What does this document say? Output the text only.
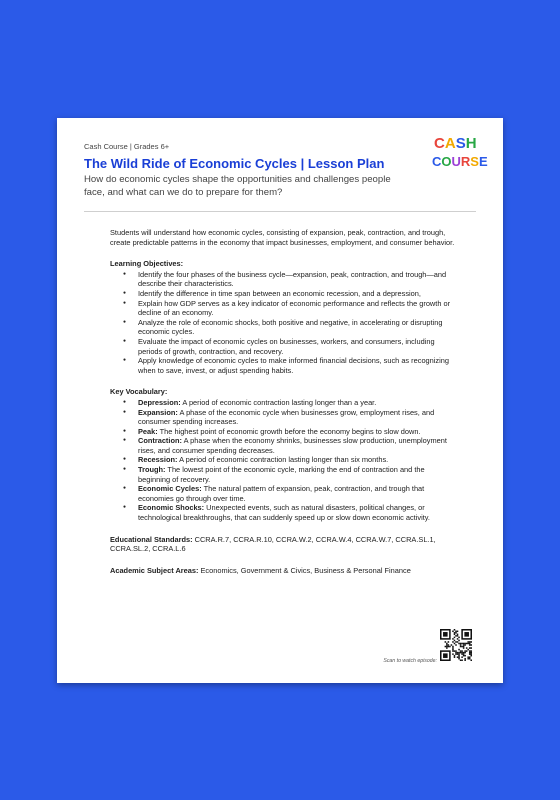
Cash Course | Grades 6+
The Wild Ride of Economic Cycles | Lesson Plan
How do economic cycles shape the opportunities and challenges people face, and what can we do to prepare for them?
CASH
COURSE

Students will understand how economic cycles, consisting of expansion, peak, contraction, and trough, create predictable patterns in the economy that impact businesses, employment, and consumer behavior.

Learning Objectives:

● Identify the four phases of the business cycle—expansion, peak, contraction, and trough—and describe their characteristics.
● Identify the difference in time span between an economic recession, and a depression,
● Explain how GDP serves as a key indicator of economic performance and reflects the growth or decline of an economy.
● Analyze the role of economic shocks, both positive and negative, in accelerating or disrupting economic cycles.
● Evaluate the impact of economic cycles on businesses, workers, and consumers, including periods of growth, contraction, and recovery.
● Apply knowledge of economic cycles to make informed financial decisions, such as recognizing when to save, invest, or adjust spending habits.

Key Vocabulary:

● Depression: A period of economic contraction lasting longer than a year.
● Expansion: A phase of the economic cycle when businesses grow, employment rises, and consumer spending increases.
● Peak: The highest point of economic growth before the economy begins to slow down.
● Contraction: A phase when the economy shrinks, businesses slow production, unemployment rises, and consumer spending decreases.
● Recession: A period of economic contraction lasting longer than six months.
● Trough: The lowest point of the economic cycle, marking the end of contraction and the beginning of recovery.
● Economic Cycles: The natural pattern of expansion, peak, contraction, and trough that economies go through over time.
● Economic Shocks: Unexpected events, such as natural disasters, political changes, or technological breakthroughs, that can suddenly speed up or slow down economic activity.

Educational Standards: CCRA.R.7, CCRA.R.10, CCRA.W.2, CCRA.W.4, CCRA.W.7, CCRA.SL.1, CCRA.SL.2, CCRA.L.6

Academic Subject Areas: Economics, Government & Civics, Business & Personal Finance

Scan to watch episode:
